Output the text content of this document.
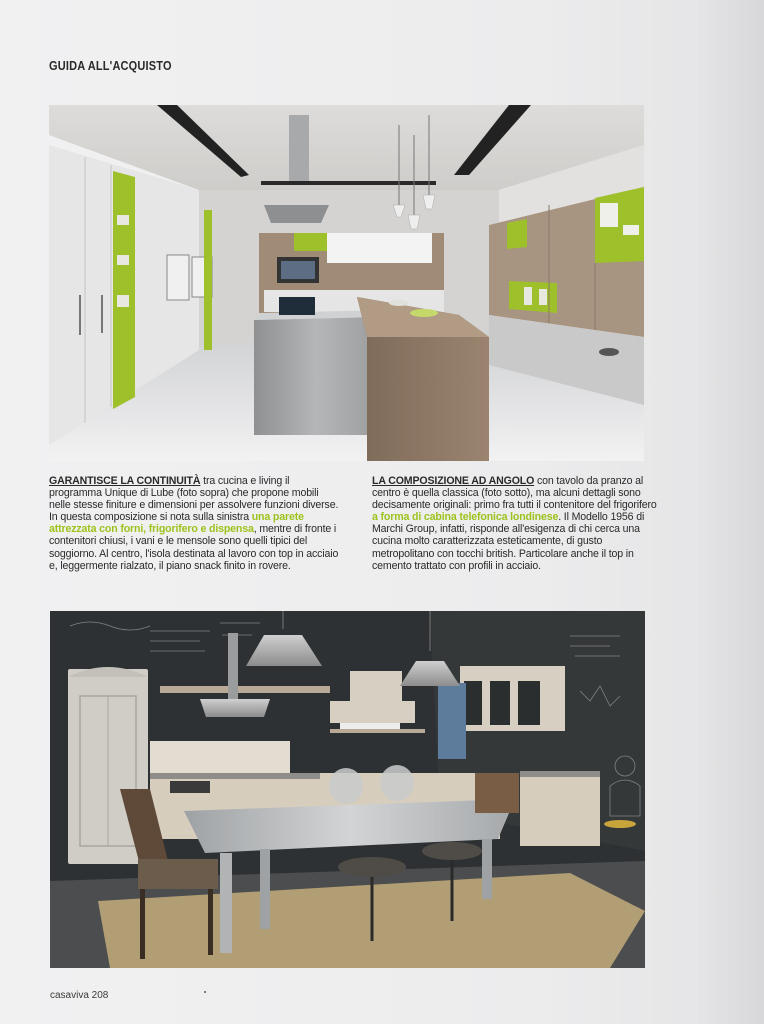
GUIDA ALL'ACQUISTO
GARANTISCE LA CONTINUITÀ tra cucina e living il programma Unique di Lube (foto sopra) che propone mobili nelle stesse finiture e dimensioni per assolvere funzioni diverse. In questa composizione si nota sulla sinistra una parete attrezzata con forni, frigorifero e dispensa, mentre di fronte i contenitori chiusi, i vani e le mensole sono quelli tipici del soggiorno. Al centro, l'isola destinata al lavoro con top in acciaio e, leggermente rialzato, il piano snack finito in rovere.
LA COMPOSIZIONE AD ANGOLO con tavolo da pranzo al centro è quella classica (foto sotto), ma alcuni dettagli sono decisamente originali: primo fra tutti il contenitore del frigorifero a forma di cabina telefonica londinese. Il Modello 1956 di Marchi Group, infatti, risponde all'esigenza di chi cerca una cucina molto caratterizzata esteticamente, di gusto metropolitano con tocchi british. Particolare anche il top in cemento trattato con profili in acciaio.
casaviva 208
